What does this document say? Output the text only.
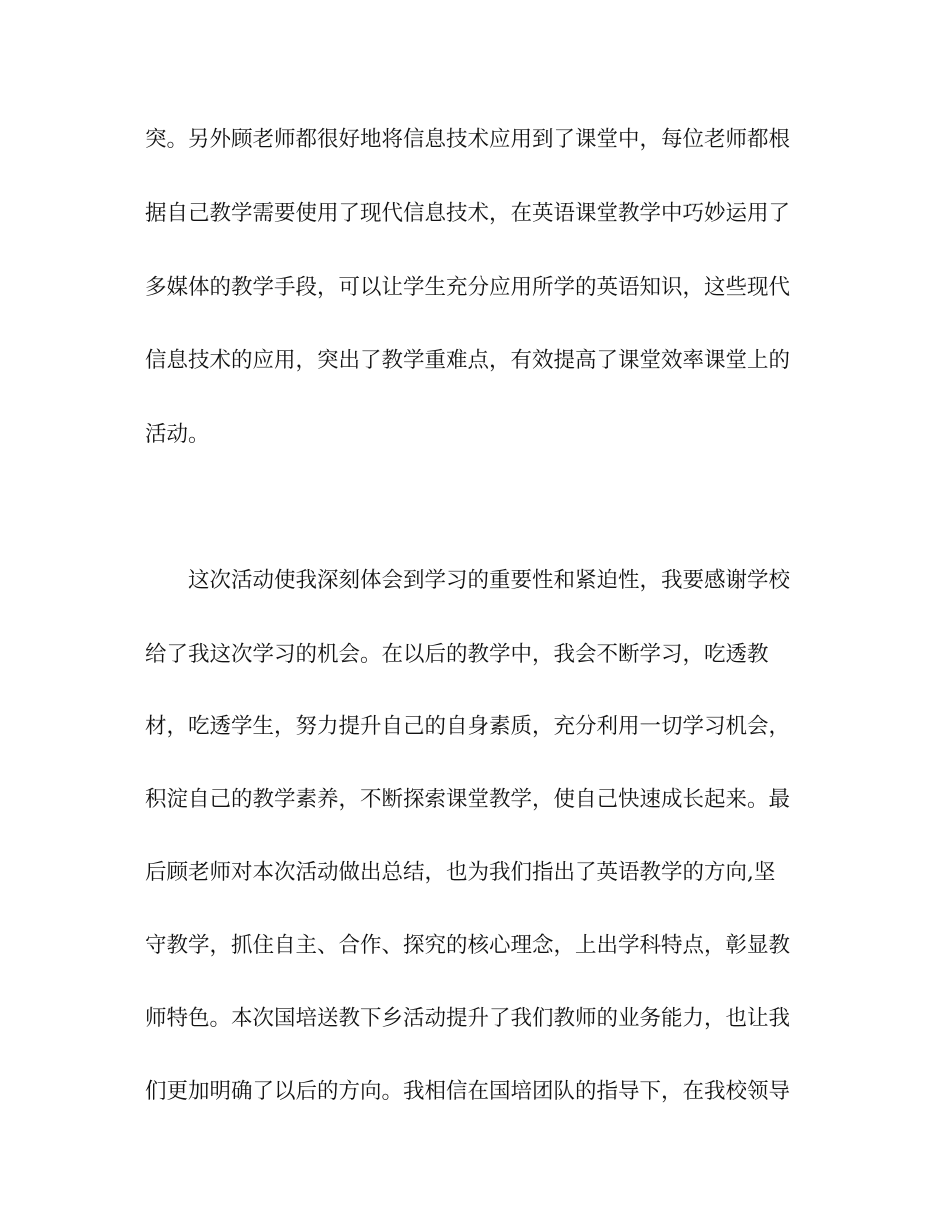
突。另外顾老师都很好地将信息技术应用到了课堂中，每位老师都根
据自己教学需要使用了现代信息技术，在英语课堂教学中巧妙运用了
多媒体的教学手段，可以让学生充分应用所学的英语知识，这些现代
信息技术的应用，突出了教学重难点，有效提高了课堂效率课堂上的
活动。
这次活动使我深刻体会到学习的重要性和紧迫性，我要感谢学校
给了我这次学习的机会。在以后的教学中，我会不断学习，吃透教
材，吃透学生，努力提升自己的自身素质，充分利用一切学习机会，
积淀自己的教学素养，不断探索课堂教学，使自己快速成长起来。最
后顾老师对本次活动做出总结，也为我们指出了英语教学的方向,坚
守教学，抓住自主、合作、探究的核心理念，上出学科特点，彰显教
师特色。本次国培送教下乡活动提升了我们教师的业务能力，也让我
们更加明确了以后的方向。我相信在国培团队的指导下，在我校领导
